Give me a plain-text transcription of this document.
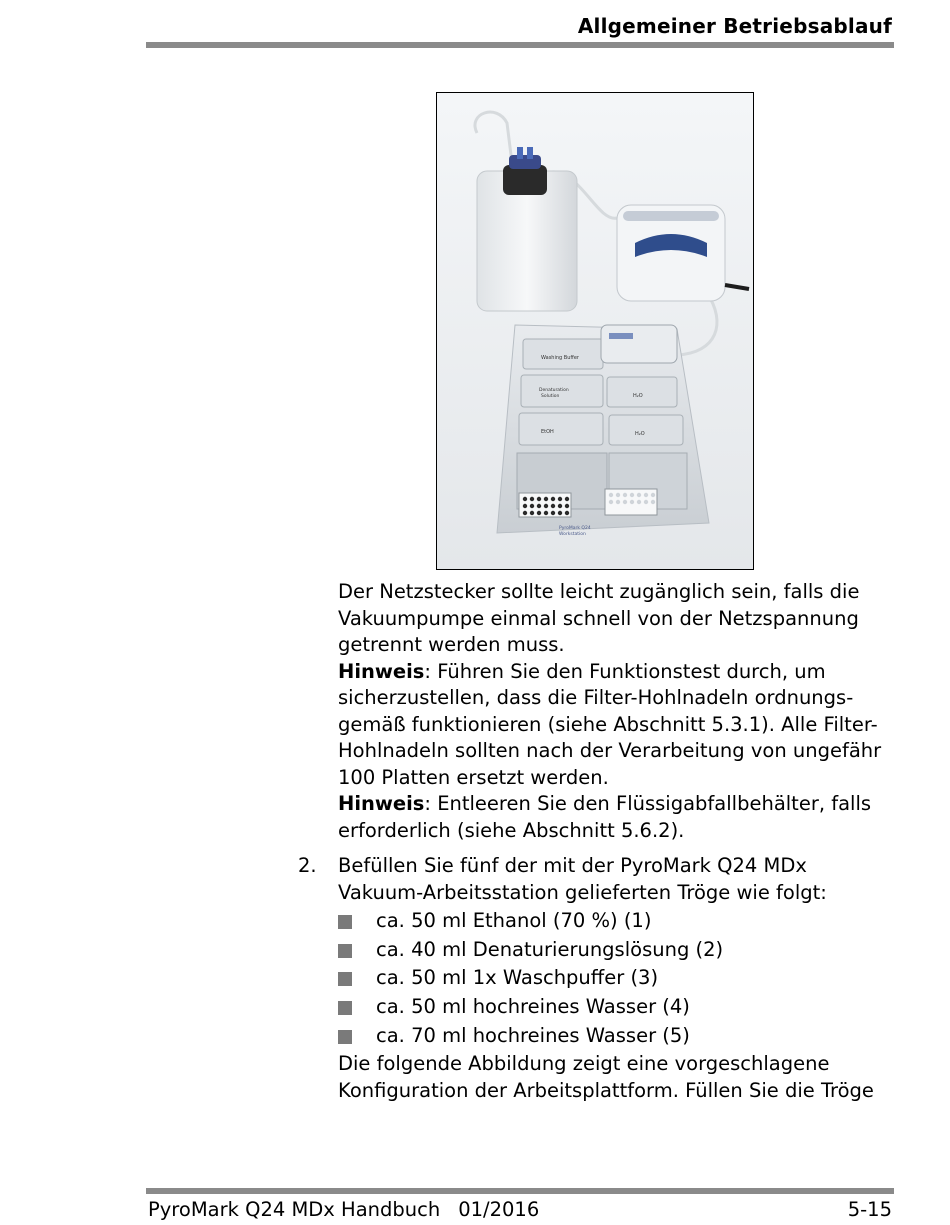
Allgemeiner Betriebsablauf
Washing Buffer
Denaturation
Solution
EtOH
H₂O
H₂O
PyroMark Q24
Workstation

Der Netzstecker sollte leicht zugänglich sein, falls die Vakuumpumpe einmal schnell von der Netzspannung getrennt werden muss.

Hinweis: Führen Sie den Funktionstest durch, um sicherzustellen, dass die Filter-Hohlnadeln ordnungsgemäß funktionieren (siehe Abschnitt 5.3.1). Alle Filter-Hohlnadeln sollten nach der Verarbeitung von ungefähr 100 Platten ersetzt werden.

Hinweis: Entleeren Sie den Flüssigabfallbehälter, falls erforderlich (siehe Abschnitt 5.6.2).

2. Befüllen Sie fünf der mit der PyroMark Q24 MDx Vakuum-Arbeitsstation gelieferten Tröge wie folgt:
ca. 50 ml Ethanol (70 %) (1)
ca. 40 ml Denaturierungslösung (2)
ca. 50 ml 1x Waschpuffer (3)
ca. 50 ml hochreines Wasser (4)
ca. 70 ml hochreines Wasser (5)

Die folgende Abbildung zeigt eine vorgeschlagene Konfiguration der Arbeitsplattform. Füllen Sie die Tröge

PyroMark Q24 MDx Handbuch 01/2016	5-15
